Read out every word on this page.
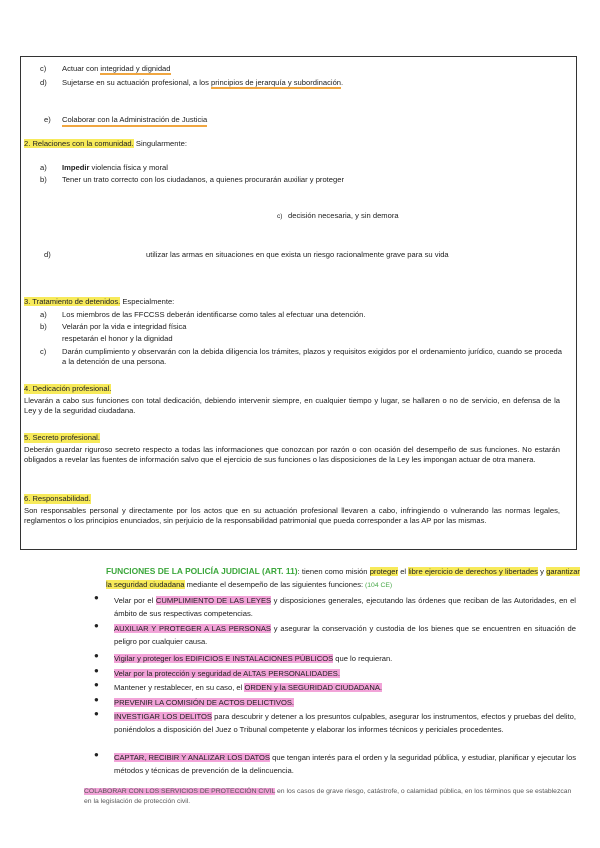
c) Actuar con integridad y dignidad
d) Sujetarse en su actuación profesional, a los principios de jerarquía y subordinación.
e) Colaborar con la Administración de Justicia
2. Relaciones con la comunidad. Singularmente:
a) Impedir violencia física y moral
b) Tener un trato correcto con los ciudadanos, a quienes procurarán auxiliar y proteger
c) decisión necesaria, y sin demora
d)	utilizar las armas en situaciones en que exista un riesgo racionalmente grave para su vida
3. Tratamiento de detenidos. Especialmente:
a) Los miembros de las FFCCSS deberán identificarse como tales al efectuar una detención.
b) Velarán por la vida e integridad física
respetarán el honor y la dignidad
c) Darán cumplimiento y observarán con la debida diligencia los trámites, plazos y requisitos exigidos por el ordenamiento jurídico, cuando se proceda a la detención de una persona.
4. Dedicación profesional.
Llevarán a cabo sus funciones con total dedicación, debiendo intervenir siempre, en cualquier tiempo y lugar, se hallaren o no de servicio, en defensa de la Ley y de la seguridad ciudadana.
5. Secreto profesional.
Deberán guardar riguroso secreto respecto a todas las informaciones que conozcan por razón o con ocasión del desempeño de sus funciones. No estarán obligados a revelar las fuentes de información salvo que el ejercicio de sus funciones o las disposiciones de la Ley les impongan actuar de otra manera.
6. Responsabilidad.
Son responsables personal y directamente por los actos que en su actuación profesional llevaren a cabo, infringiendo o vulnerando las normas legales, reglamentos o los principios enunciados, sin perjuicio de la responsabilidad patrimonial que pueda corresponder a las AP por las mismas.
FUNCIONES DE LA POLICÍA JUDICIAL (ART. 11): tienen como misión proteger el libre ejercicio de derechos y libertades y garantizar la seguridad ciudadana mediante el desempeño de las siguientes funciones: (104 CE)
● Velar por el CUMPLIMIENTO DE LAS LEYES y disposiciones generales, ejecutando las órdenes que reciban de las Autoridades, en el ámbito de sus respectivas competencias.
● AUXILIAR Y PROTEGER A LAS PERSONAS y asegurar la conservación y custodia de los bienes que se encuentren en situación de peligro por cualquier causa.
● Vigilar y proteger los EDIFICIOS E INSTALACIONES PÚBLICOS que lo requieran.
● Velar por la protección y seguridad de ALTAS PERSONALIDADES.
● Mantener y restablecer, en su caso, el ORDEN y la SEGURIDAD CIUDADANA.
● PREVENIR LA COMISIÓN DE ACTOS DELICTIVOS.
● INVESTIGAR LOS DELITOS para descubrir y detener a los presuntos culpables, asegurar los instrumentos, efectos y pruebas del delito, poniéndolos a disposición del Juez o Tribunal competente y elaborar los informes técnicos y periciales procedentes.
● CAPTAR, RECIBIR Y ANALIZAR LOS DATOS que tengan interés para el orden y la seguridad pública, y estudiar, planificar y ejecutar los métodos y técnicas de prevención de la delincuencia.
COLABORAR CON LOS SERVICIOS DE PROTECCIÓN CIVIL en los casos de grave riesgo, catástrofe, o calamidad pública, en los términos que se establezcan en la legislación de protección civil.
